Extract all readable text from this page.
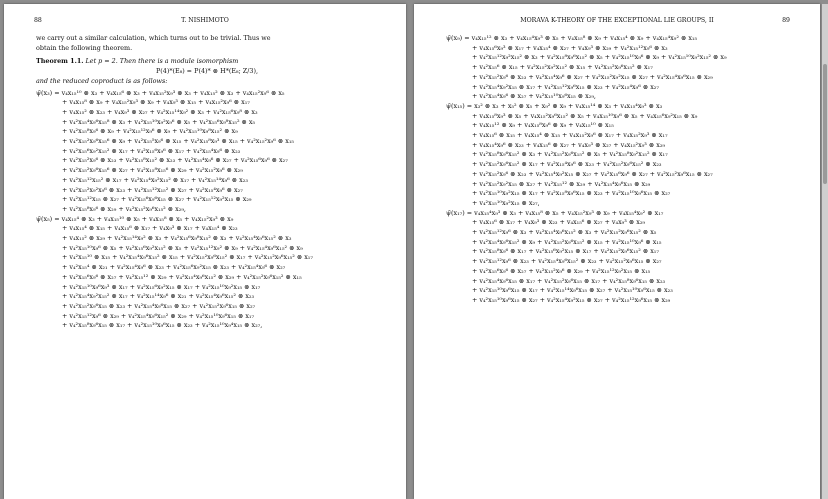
88	T. NISHIMOTO
we carry out a similar calculation, which turns out to be trivial. Thus we
obtain the following theorem.
Theorem 1.1. Let p = 2. Then there is a module isomorphism
P(4)*(E₈) ≃ P(4)* ⊗ H*(E₈; Z/3),
and the reduced coproduct is as follows:
ψ̄(x₃) = v₄x₁₅¹⁰ ⊗ x₃ + v₄x₁₅⁶ ⊗ x₃ + v₄x₁₅²x₉³ ⊗ x₃ + v₄x₁₅² ⊗ x₃ + v₄x₁₅²x₉⁶ ⊗ x₅
+ v₄x₁₅⁸ ⊗ x₉ + v₄x₁₅²x₉³ ⊗ x₉ + v₄x₉³ ⊗ x₁₅ + v₄x₁₅²x₉⁶ ⊗ x₁₇
+ v₄x₁₅² ⊗ x₂₃ + v₄x₉³ ⊗ x₂₇ + v₄²x₁₅¹⁴x₉² ⊗ x₃ + v₄²x₁₅⁶x₉⁸ ⊗ x₃
+ v₄²x₁₅⁴x₉⁶x₁₅⁸ ⊗ x₃ + v₄²x₁₅¹⁰x₉²x₉⁶ ⊗ x₅ + v₄²x₁₅⁶x₉⁸x₁₅² ⊗ x₅
+ v₄²x₁₅⁸x₉⁶ ⊗ x₉ + v₄²x₁₅¹²x₉⁶ ⊗ x₉ + v₄²x₁₅¹⁰x₉⁸x₁₅² ⊗ x₉
+ v₄²x₁₅²x₉⁶x₁₅⁶ ⊗ x₉ + v₄²x₁₅⁵x₉⁶ ⊗ x₁₅ + v₄²x₁₅⁸x₉³ ⊗ x₁₅ + v₄²x₁₅²x₉⁶ ⊗ x₁₅
+ v₄²x₁₅⁶x₉²x₁₅² ⊗ x₁₇ + v₄²x₁₅⁶x₉⁶ ⊗ x₁₇ + v₄²x₁₅⁴x₉⁶ ⊗ x₂₃
+ v₄²x₁₅²x₉⁶ ⊗ x₂₃ + v₄²x₁₅⁸x₁₅² ⊗ x₂₃ + v₄²x₁₅⁴x₉⁶ ⊗ x₂₇ + v₄²x₁₅⁶x₉⁶ ⊗ x₂₇
+ v₄²x₁₅²x₉⁶x₁₅⁶ ⊗ x₂₇ + v₄²x₁₅⁸x₁₅⁶ ⊗ x₂₉ + v₄²x₁₅²x₉⁶ ⊗ x₂₉
+ v₄²x₁₅¹²x₁₅² ⊗ x₁₇ + v₄²x₁₅⁴x₉²x₁₅² ⊗ x₁₇ + v₄²x₁₅¹⁴x₉⁶ ⊗ x₂₃
+ v₄²x₁₅²x₉²x₉⁶ ⊗ x₂₃ + v₄²x₁₅¹²x₁₅² ⊗ x₂₇ + v₄²x₁₅⁴x₉⁶ ⊗ x₂₇
+ v₄²x₁₅¹²x₁₅ ⊗ x₂₇ + v₄²x₁₅⁶x₉⁶x₁₅ ⊗ x₂₇ + v₄²x₁₅¹²x₉²x₁₅ ⊗ x₂₉
+ v₄²x₁₅⁸x₉⁶ ⊗ x₂₉ + v₄²x₁₅²x₉⁶x₁₅² ⊗ x₂₉,
ψ̄(x₅) = v₄x₁₅⁴ ⊗ x₃ + v₄x₁₅¹⁰ ⊗ x₅ + v₄x₁₅⁸ ⊗ x₅ + v₄x₁₅²x₉³ ⊗ x₉
+ v₄x₁₅⁴ ⊗ x₁₅ + v₄x₁₅⁶ ⊗ x₁₇ + v₄x₉³ ⊗ x₁₇ + v₄x₁₅⁴ ⊗ x₂₃
+ v₄x₁₅² ⊗ x₂₉ + v₄²x₁₅¹⁴x₉² ⊗ x₃ + v₄²x₁₅⁶x₉⁸x₁₅² ⊗ x₃ + v₄²x₁₅⁴x₉⁶x₁₅² ⊗ x₃
+ v₄²x₁₅¹⁰x₉⁶ ⊗ x₅ + v₄²x₁₅⁶x₉²x₁₅² ⊗ x₅ + v₄²x₁₅¹²x₉² ⊗ x₉ + v₄²x₁₅⁴x₉⁶x₁₅² ⊗ x₉
+ v₄²x₁₅¹⁰ ⊗ x₁₅ + v₄²x₁₅⁴x₉⁶x₁₅² ⊗ x₁₅ + v₄²x₁₅²x₉⁶x₁₅² ⊗ x₁₇ + v₄²x₁₅²x₉⁶x₁₅² ⊗ x₁₇
+ v₄²x₁₅⁴ ⊗ x₂₁ + v₄²x₁₅⁴x₉⁶ ⊗ x₂₃ + v₄²x₁₅⁶x₉²x₁₅ ⊗ x₂₃ + v₄²x₁₅⁴x₉⁶ ⊗ x₂₇
+ v₄²x₁₅⁶x₉⁶ ⊗ x₂₇ + v₄²x₁₅¹² ⊗ x₂₉ + v₄²x₁₅⁴x₉⁶x₁₅² ⊗ x₂₉ + v₄²x₁₅²x₉⁶x₁₅² ⊗ x₁₅
+ v₄²x₁₅¹⁰x₉⁶x₉³ ⊗ x₁₇ + v₄²x₁₅⁶x₉²x₁₅ ⊗ x₁₇ + v₄²x₁₅¹⁰x₉²x₁₅ ⊗ x₁₇
+ v₄²x₁₅⁴x₉²x₁₅² ⊗ x₁₇ + v₄²x₁₅¹⁴x₉⁶ ⊗ x₂₁ + v₄²x₁₅⁴x₉⁶x₁₅² ⊗ x₂₃
+ v₄²x₁₅²x₉⁶x₁₅ ⊗ x₂₃ + v₄²x₁₅⁴x₉⁶x₁₅ ⊗ x₂₇ + v₄²x₁₅²x₉⁶x₁₅ ⊗ x₂₇
+ v₄²x₁₅¹²x₉⁶ ⊗ x₂₉ + v₄²x₁₅⁴x₉⁶x₁₅² ⊗ x₂₉ + v₄²x₁₅¹⁰x₉⁶x₁₅ ⊗ x₁₇
+ v₄²x₁₅⁸x₉⁶x₁₅ ⊗ x₁₇ + v₄²x₁₅¹⁰x₉⁶x₁₅ ⊗ x₂₃ + v₄²x₁₅¹⁰x₉⁴x₁₅ ⊗ x₂₇,
MORAVA K-THEORY OF THE EXCEPTIONAL LIE GROUPS, II	89
ψ̄(x₉) = v₄x₁₅¹² ⊗ x₃ + v₄x₁₅⁴x₉³ ⊗ x₅ + v₄x₁₅⁸ ⊗ x₉ + v₄x₁₅⁴ ⊗ x₉ + v₄x₁₅⁴x₉² ⊗ x₁₅
+ v₄x₁₅⁶x₉³ ⊗ x₁₇ + v₄x₁₅⁴ ⊗ x₂₇ + v₄x₉³ ⊗ x₂₉ + v₄²x₁₅¹²x₉⁶ ⊗ x₃
+ v₄²x₁₅¹²x₉²x₁₅² ⊗ x₃ + v₄²x₁₅⁸x₉⁶x₁₅² ⊗ x₅ + v₄²x₁₅¹⁰x₉⁶ ⊗ x₉ + v₄²x₁₅¹⁰x₉²x₁₅² ⊗ x₉
+ v₄²x₁₅⁶ ⊗ x₁₅ + v₄²x₁₅²x₉²x₁₅² ⊗ x₁₅ + v₄²x₁₅²x₉⁶x₁₅² ⊗ x₁₇
+ v₄²x₁₅²x₉⁶ ⊗ x₂₃ + v₄²x₁₅⁴x₉⁶ ⊗ x₂₇ + v₄²x₁₅²x₉²x₁₅ ⊗ x₂₇ + v₄²x₁₅⁴x₉⁶x₁₅ ⊗ x₂₉
+ v₄²x₁₅⁴x₉²x₁₅ ⊗ x₁₇ + v₄²x₁₅¹²x₉⁶x₁₅ ⊗ x₂₃ + v₄²x₁₅⁴x₉⁶ ⊗ x₂₇
+ v₄²x₁₅⁴x₉⁶ ⊗ x₂₇ + v₄²x₁₅¹⁰x₉⁶x₁₅ ⊗ x₂₉,
ψ̄(x₁₅) = x₃² ⊗ x₃ + x₅² ⊗ x₅ + x₉² ⊗ x₉ + v₄x₁₅¹⁴ ⊗ x₃ + v₄x₁₅⁴x₉³ ⊗ x₃
+ v₄x₁₅⁸x₉³ ⊗ x₅ + v₄x₁₅²x₉⁶x₁₅² ⊗ x₅ + v₄x₁₅¹⁰x₉⁶ ⊗ x₅ + v₄x₁₅⁶x₉²x₁₅ ⊗ x₉
+ v₄x₁₅¹² ⊗ x₉ + v₄x₁₅⁸x₉⁶ ⊗ x₉ + v₄x₁₅¹⁰ ⊗ x₁₅
+ v₄x₁₅⁶ ⊗ x₁₅ + v₄x₁₅⁴ ⊗ x₁₅ + v₄x₁₅²x₉⁶ ⊗ x₁₇ + v₄x₁₅²x₉³ ⊗ x₁₇
+ v₄x₁₅⁴x₉⁶ ⊗ x₂₃ + v₄x₁₅⁶ ⊗ x₂₇ + v₄x₉³ ⊗ x₂₇ + v₄x₁₅²x₉³ ⊗ x₂₉
+ v₄²x₁₅⁸x₉⁶x₁₅² ⊗ x₃ + v₄²x₁₅²x₉⁶x₁₅² ⊗ x₅ + v₄²x₁₅⁸x₉²x₁₅² ⊗ x₁₇
+ v₄²x₁₅²x₉⁶x₁₅² ⊗ x₁₇ + v₄²x₁₅⁴x₉⁶ ⊗ x₂₃ + v₄²x₁₅²x₉⁶x₁₅² ⊗ x₂₃
+ v₄²x₁₅²x₉⁶ ⊗ x₂₃ + v₄²x₁₅⁴x₉²x₁₅ ⊗ x₂₇ + v₄²x₁₅⁶x₉⁶ ⊗ x₂₇ + v₄²x₁₅²x₉⁶x₁₅ ⊗ x₂₇
+ v₄²x₁₅²x₉²x₁₅ ⊗ x₂₇ + v₄²x₁₅¹² ⊗ x₂₉ + v₄²x₁₅⁴x₉⁶x₁₅ ⊗ x₂₉
+ v₄²x₁₅¹⁰x₉²x₁₅ ⊗ x₁₇ + v₄²x₁₅⁸x₉⁶x₁₅ ⊗ x₂₃ + v₄²x₁₅¹⁰x₉⁶x₁₅ ⊗ x₂₇
+ v₄²x₁₅¹⁰x₉²x₁₅ ⊗ x₂₇,
ψ̄(x₁₇) = v₄x₁₅⁴x₉³ ⊗ x₃ + v₄x₁₅⁸ ⊗ x₅ + v₄x₁₅²x₉³ ⊗ x₉ + v₄x₁₅⁴x₉² ⊗ x₁₇
+ v₄x₁₅⁶ ⊗ x₁₇ + v₄x₉³ ⊗ x₂₃ + v₄x₁₅⁶ ⊗ x₂₇ + v₄x₉³ ⊗ x₂₉
+ v₄²x₁₅¹²x₉⁶ ⊗ x₃ + v₄²x₁₅⁴x₉⁶x₁₅² ⊗ x₃ + v₄²x₁₅²x₉⁶x₁₅² ⊗ x₅
+ v₄²x₁₅⁴x₉⁶x₁₅² ⊗ x₉ + v₄²x₁₅²x₉⁶x₁₅² ⊗ x₁₅ + v₄²x₁₅¹⁰x₉⁶ ⊗ x₁₅
+ v₄²x₁₅⁸x₉⁶ ⊗ x₁₇ + v₄²x₁₅⁶x₉²x₁₅ ⊗ x₁₇ + v₄²x₁₅²x₉⁶x₁₅² ⊗ x₁₇
+ v₄²x₁₅¹²x₉⁶ ⊗ x₂₃ + v₄²x₁₅⁴x₉⁶x₁₅² ⊗ x₂₃ + v₄²x₁₅²x₉⁶x₁₅ ⊗ x₂₇
+ v₄²x₁₅⁶x₉⁶ ⊗ x₂₇ + v₄²x₁₅²x₉⁶ ⊗ x₂₉ + v₄²x₁₅¹²x₉²x₁₅ ⊗ x₁₅
+ v₄²x₁₅⁴x₉⁶x₁₅ ⊗ x₁₇ + v₄²x₁₅²x₉⁶x₁₅ ⊗ x₁₇ + v₄²x₁₅⁸x₉⁶x₁₅ ⊗ x₂₃
+ v₄²x₁₅¹⁰x₉⁶x₁₅ ⊗ x₁₇ + v₄²x₁₅¹⁴x₉⁶x₁₅ ⊗ x₂₇ + v₄²x₁₅¹⁰x₉⁶x₁₅ ⊗ x₂₃
+ v₄²x₁₅¹⁰x₉⁶x₁₅ ⊗ x₂₇ + v₄²x₁₅⁴x₉²x₁₅ ⊗ x₂₇ + v₄²x₁₅¹²x₉⁶x₁₅ ⊗ x₂₉
